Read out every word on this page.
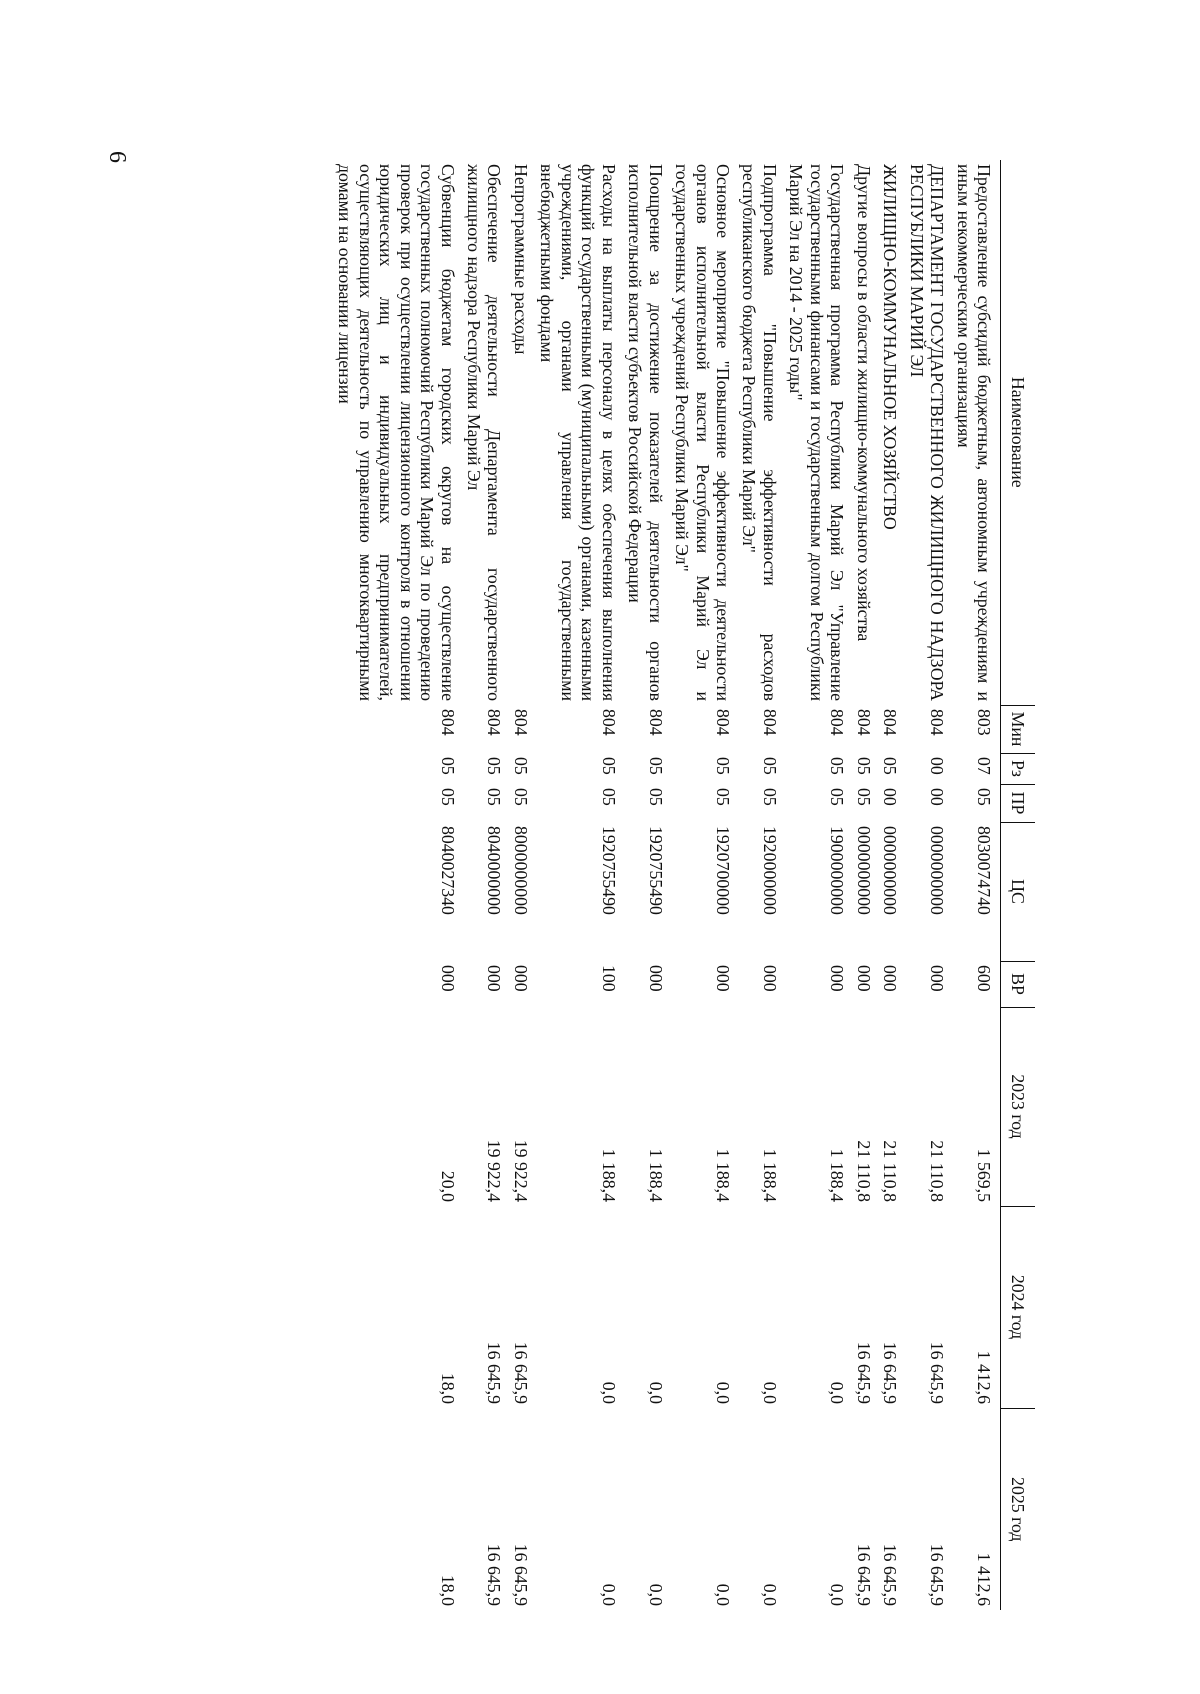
6
Наименование	Мин	Рз	ПР	ЦС	ВР	2023 год	2024 год	2025 год
Предоставление субсидий бюджетным, автономным учреждениям и иным некоммерческим организациям	803	07	05	8030074740	600	1 569,5	1 412,6	1 412,6

ДЕПАРТАМЕНТ ГОСУДАРСТВЕННОГО ЖИЛИЩНОГО НАДЗОРА РЕСПУБЛИКИ МАРИЙ ЭЛ	804	00	00	0000000000	000	21 110,8	16 645,9	16 645,9

ЖИЛИЩНО-КОММУНАЛЬНОЕ ХОЗЯЙСТВО	804	05	00	0000000000	000	21 110,8	16 645,9	16 645,9

Другие вопросы в области жилищно-коммунального хозяйства	804	05	05	0000000000	000	21 110,8	16 645,9	16 645,9

Государственная программа Республики Марий Эл "Управление государственными финансами и государственным долгом Республики Марий Эл на 2014 - 2025 годы"	804	05	05	1900000000	000	1 188,4	0,0	0,0

Подпрограмма "Повышение эффективности расходов республиканского бюджета Республики Марий Эл"	804	05	05	1920000000	000	1 188,4	0,0	0,0

Основное мероприятие "Повышение эффективности деятельности органов исполнительной власти Республики Марий Эл и государственных учреждений Республики Марий Эл"	804	05	05	1920700000	000	1 188,4	0,0	0,0

Поощрение за достижение показателей деятельности органов исполнительной власти субъектов Российской Федерации	804	05	05	1920755490	000	1 188,4	0,0	0,0

Расходы на выплаты персоналу в целях обеспечения выполнения функций государственными (муниципальными) органами, казенными учреждениями, органами управления государственными внебюджетными фондами	804	05	05	1920755490	100	1 188,4	0,0	0,0

Непрограммные расходы	804	05	05	8000000000	000	19 922,4	16 645,9	16 645,9

Обеспечение деятельности Департамента государственного жилищного надзора Республики Марий Эл	804	05	05	8040000000	000	19 922,4	16 645,9	16 645,9

Субвенции бюджетам городских округов на осуществление государственных полномочий Республики Марий Эл по проведению проверок при осуществлении лицензионного контроля в отношении юридических лиц и индивидуальных предпринимателей, осуществляющих деятельность по управлению многоквартирными домами на основании лицензии	804	05	05	8040027340	000	20,0	18,0	18,0
